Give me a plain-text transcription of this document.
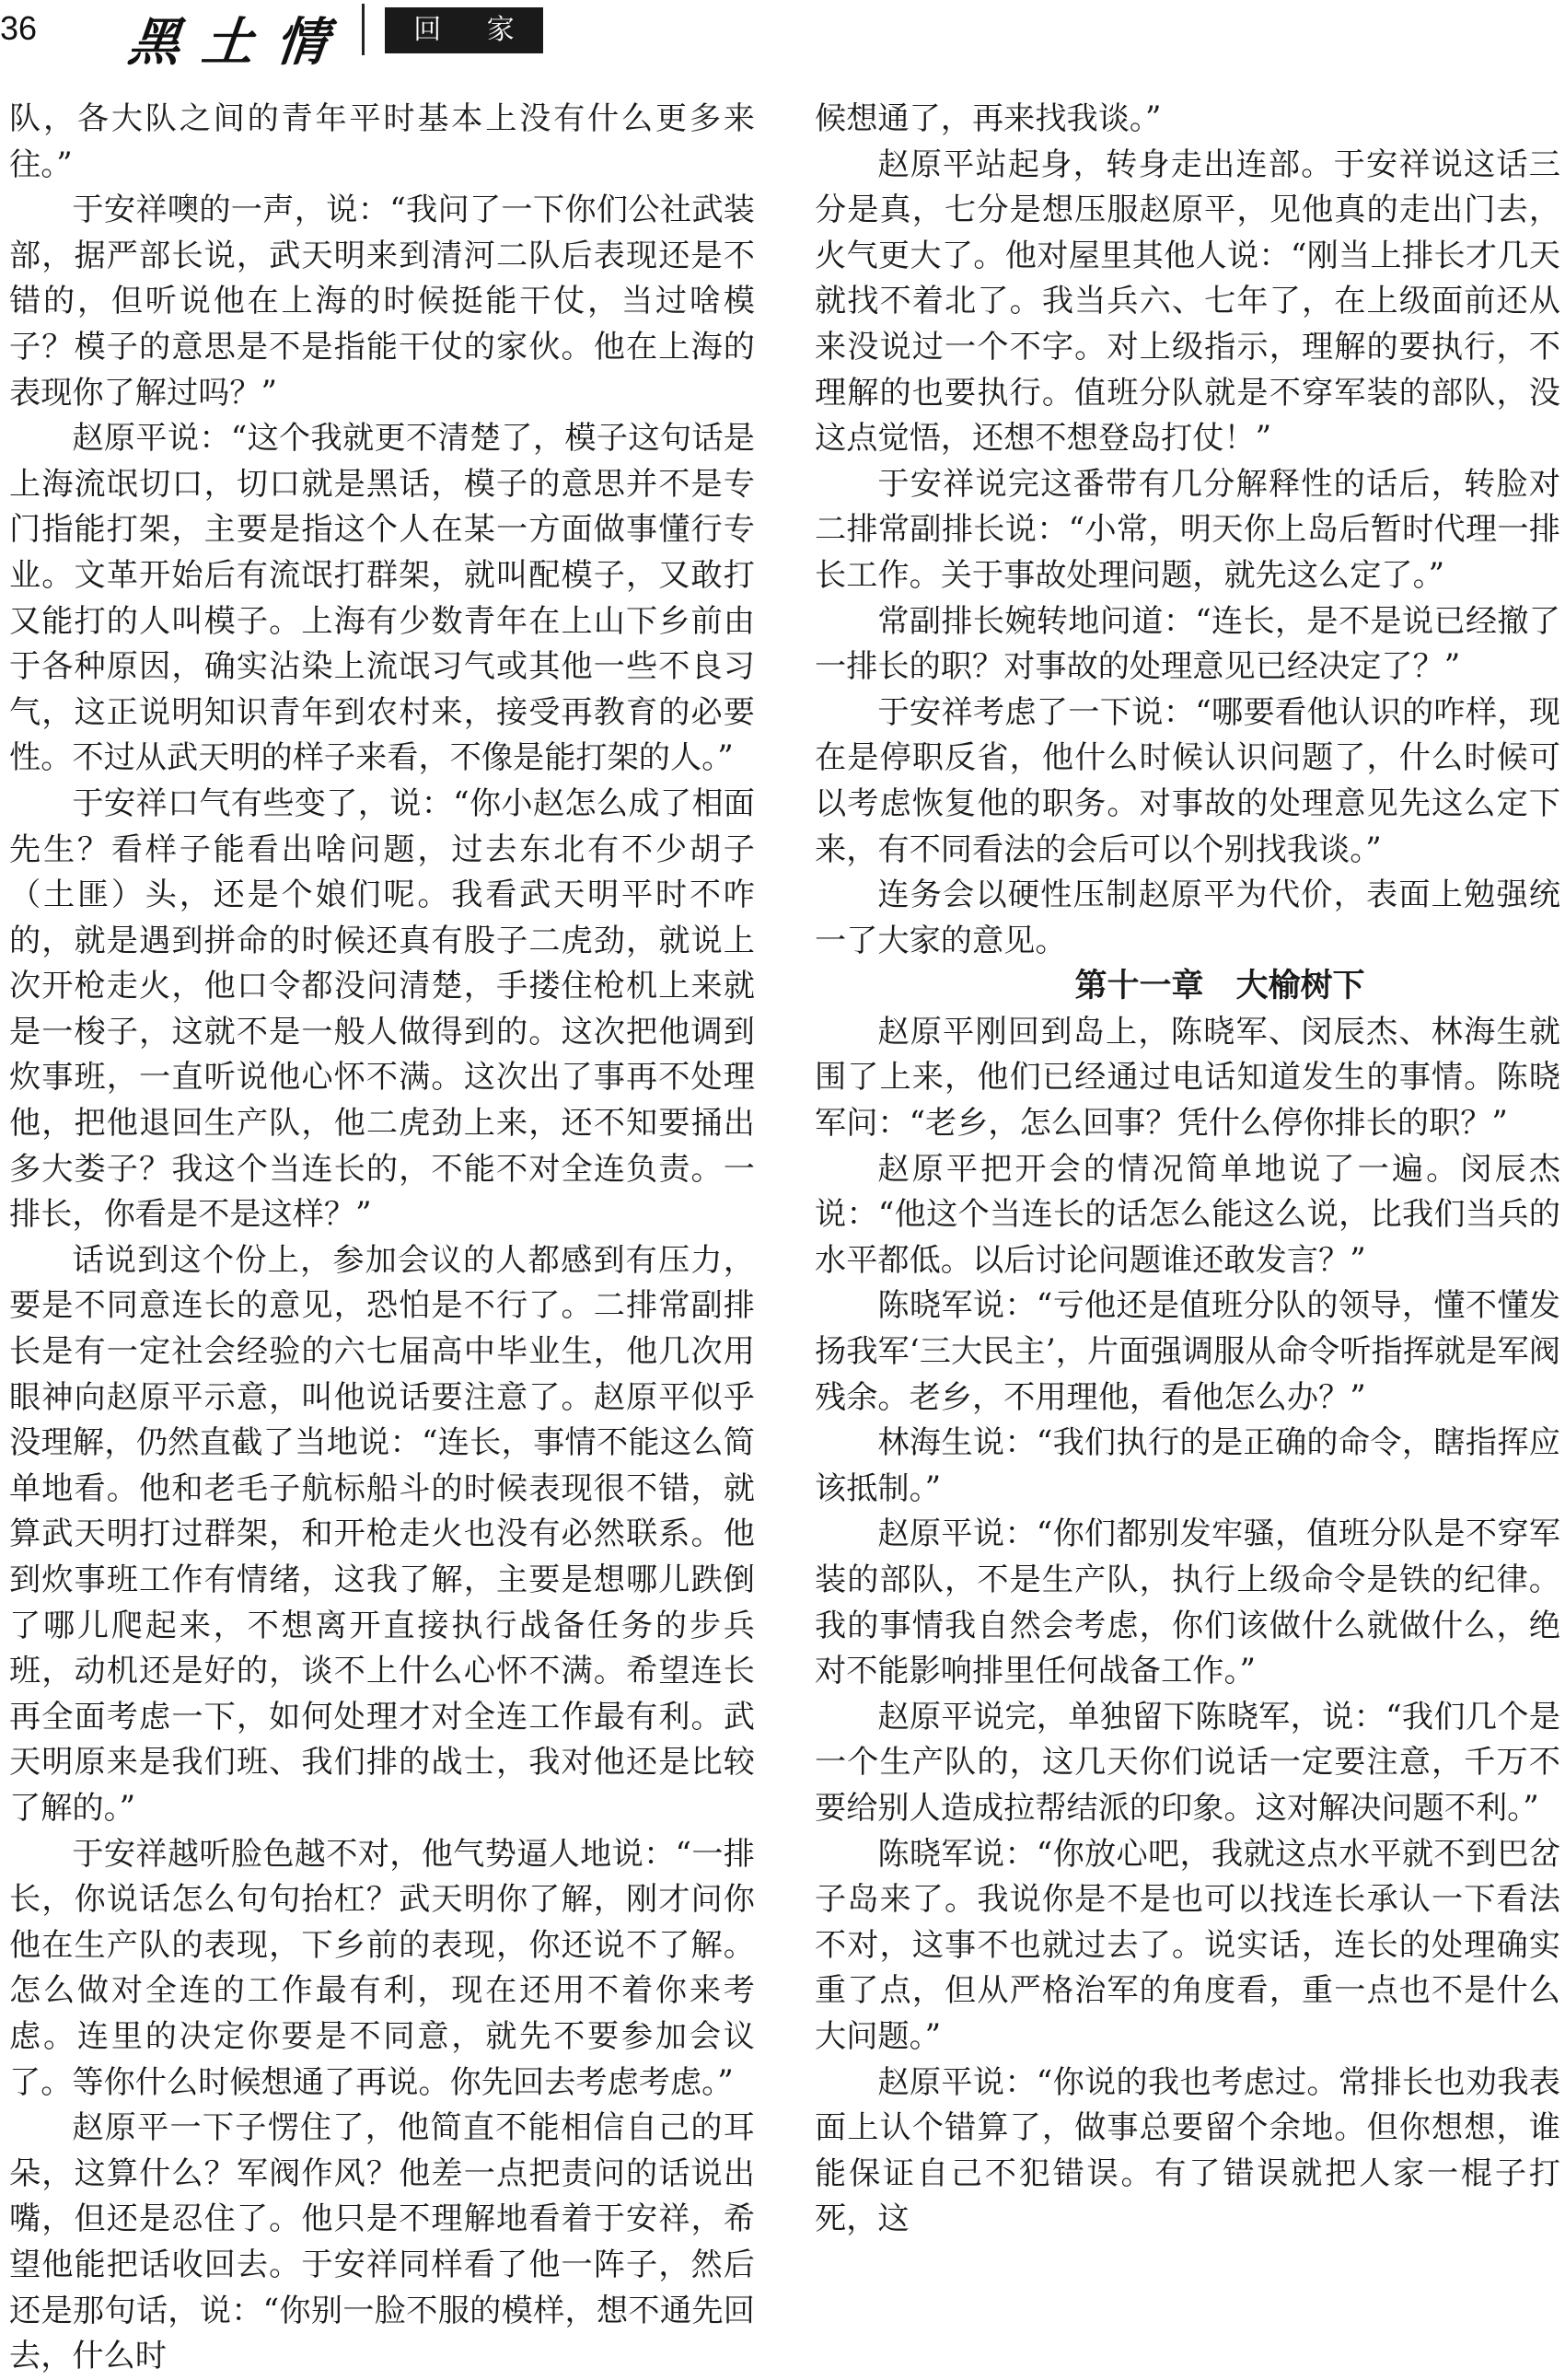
36 黑土情	回 家

队，各大队之间的青年平时基本上没有什么更多来往。”

于安祥噢的一声，说：“我问了一下你们公社武装部，据严部长说，武天明来到清河二队后表现还是不错的，但听说他在上海的时候挺能干仗，当过啥模子？模子的意思是不是指能干仗的家伙。他在上海的表现你了解过吗？”

赵原平说：“这个我就更不清楚了，模子这句话是上海流氓切口，切口就是黑话，模子的意思并不是专门指能打架，主要是指这个人在某一方面做事懂行专业。文革开始后有流氓打群架，就叫配模子，又敢打又能打的人叫模子。上海有少数青年在上山下乡前由于各种原因，确实沾染上流氓习气或其他一些不良习气，这正说明知识青年到农村来，接受再教育的必要性。不过从武天明的样子来看，不像是能打架的人。”

于安祥口气有些变了，说：“你小赵怎么成了相面先生？看样子能看出啥问题，过去东北有不少胡子（土匪）头，还是个娘们呢。我看武天明平时不咋的，就是遇到拼命的时候还真有股子二虎劲，就说上次开枪走火，他口令都没问清楚，手搂住枪机上来就是一梭子，这就不是一般人做得到的。这次把他调到炊事班，一直听说他心怀不满。这次出了事再不处理他，把他退回生产队，他二虎劲上来，还不知要捅出多大娄子？我这个当连长的，不能不对全连负责。一排长，你看是不是这样？”

话说到这个份上，参加会议的人都感到有压力，要是不同意连长的意见，恐怕是不行了。二排常副排长是有一定社会经验的六七届高中毕业生，他几次用眼神向赵原平示意，叫他说话要注意了。赵原平似乎没理解，仍然直截了当地说：“连长，事情不能这么简单地看。他和老毛子航标船斗的时候表现很不错，就算武天明打过群架，和开枪走火也没有必然联系。他到炊事班工作有情绪，这我了解，主要是想哪儿跌倒了哪儿爬起来，不想离开直接执行战备任务的步兵班，动机还是好的，谈不上什么心怀不满。希望连长再全面考虑一下，如何处理才对全连工作最有利。武天明原来是我们班、我们排的战士，我对他还是比较了解的。”

于安祥越听脸色越不对，他气势逼人地说：“一排长，你说话怎么句句抬杠？武天明你了解，刚才问你他在生产队的表现，下乡前的表现，你还说不了解。怎么做对全连的工作最有利，现在还用不着你来考虑。连里的决定你要是不同意，就先不要参加会议了。等你什么时候想通了再说。你先回去考虑考虑。”

赵原平一下子愣住了，他简直不能相信自己的耳朵，这算什么？军阀作风？他差一点把责问的话说出嘴，但还是忍住了。他只是不理解地看着于安祥，希望他能把话收回去。于安祥同样看了他一阵子，然后还是那句话，说：“你别一脸不服的模样，想不通先回去，什么时

候想通了，再来找我谈。”

赵原平站起身，转身走出连部。于安祥说这话三分是真，七分是想压服赵原平，见他真的走出门去，火气更大了。他对屋里其他人说：“刚当上排长才几天就找不着北了。我当兵六、七年了，在上级面前还从来没说过一个不字。对上级指示，理解的要执行，不理解的也要执行。值班分队就是不穿军装的部队，没这点觉悟，还想不想登岛打仗！”

于安祥说完这番带有几分解释性的话后，转脸对二排常副排长说：“小常，明天你上岛后暂时代理一排长工作。关于事故处理问题，就先这么定了。”

常副排长婉转地问道：“连长，是不是说已经撤了一排长的职？对事故的处理意见已经决定了？”

于安祥考虑了一下说：“哪要看他认识的咋样，现在是停职反省，他什么时候认识问题了，什么时候可以考虑恢复他的职务。对事故的处理意见先这么定下来，有不同看法的会后可以个别找我谈。”

连务会以硬性压制赵原平为代价，表面上勉强统一了大家的意见。

第十一章　大榆树下

赵原平刚回到岛上，陈晓军、闵辰杰、林海生就围了上来，他们已经通过电话知道发生的事情。陈晓军问：“老乡，怎么回事？凭什么停你排长的职？”

赵原平把开会的情况简单地说了一遍。闵辰杰说：“他这个当连长的话怎么能这么说，比我们当兵的水平都低。以后讨论问题谁还敢发言？”

陈晓军说：“亏他还是值班分队的领导，懂不懂发扬我军‘三大民主’，片面强调服从命令听指挥就是军阀残余。老乡，不用理他，看他怎么办？”

林海生说：“我们执行的是正确的命令，瞎指挥应该抵制。”

赵原平说：“你们都别发牢骚，值班分队是不穿军装的部队，不是生产队，执行上级命令是铁的纪律。我的事情我自然会考虑，你们该做什么就做什么，绝对不能影响排里任何战备工作。”

赵原平说完，单独留下陈晓军，说：“我们几个是一个生产队的，这几天你们说话一定要注意，千万不要给别人造成拉帮结派的印象。这对解决问题不利。”

陈晓军说：“你放心吧，我就这点水平就不到巴岔子岛来了。我说你是不是也可以找连长承认一下看法不对，这事不也就过去了。说实话，连长的处理确实重了点，但从严格治军的角度看，重一点也不是什么大问题。”

赵原平说：“你说的我也考虑过。常排长也劝我表面上认个错算了，做事总要留个余地。但你想想，谁能保证自己不犯错误。有了错误就把人家一棍子打死，这
